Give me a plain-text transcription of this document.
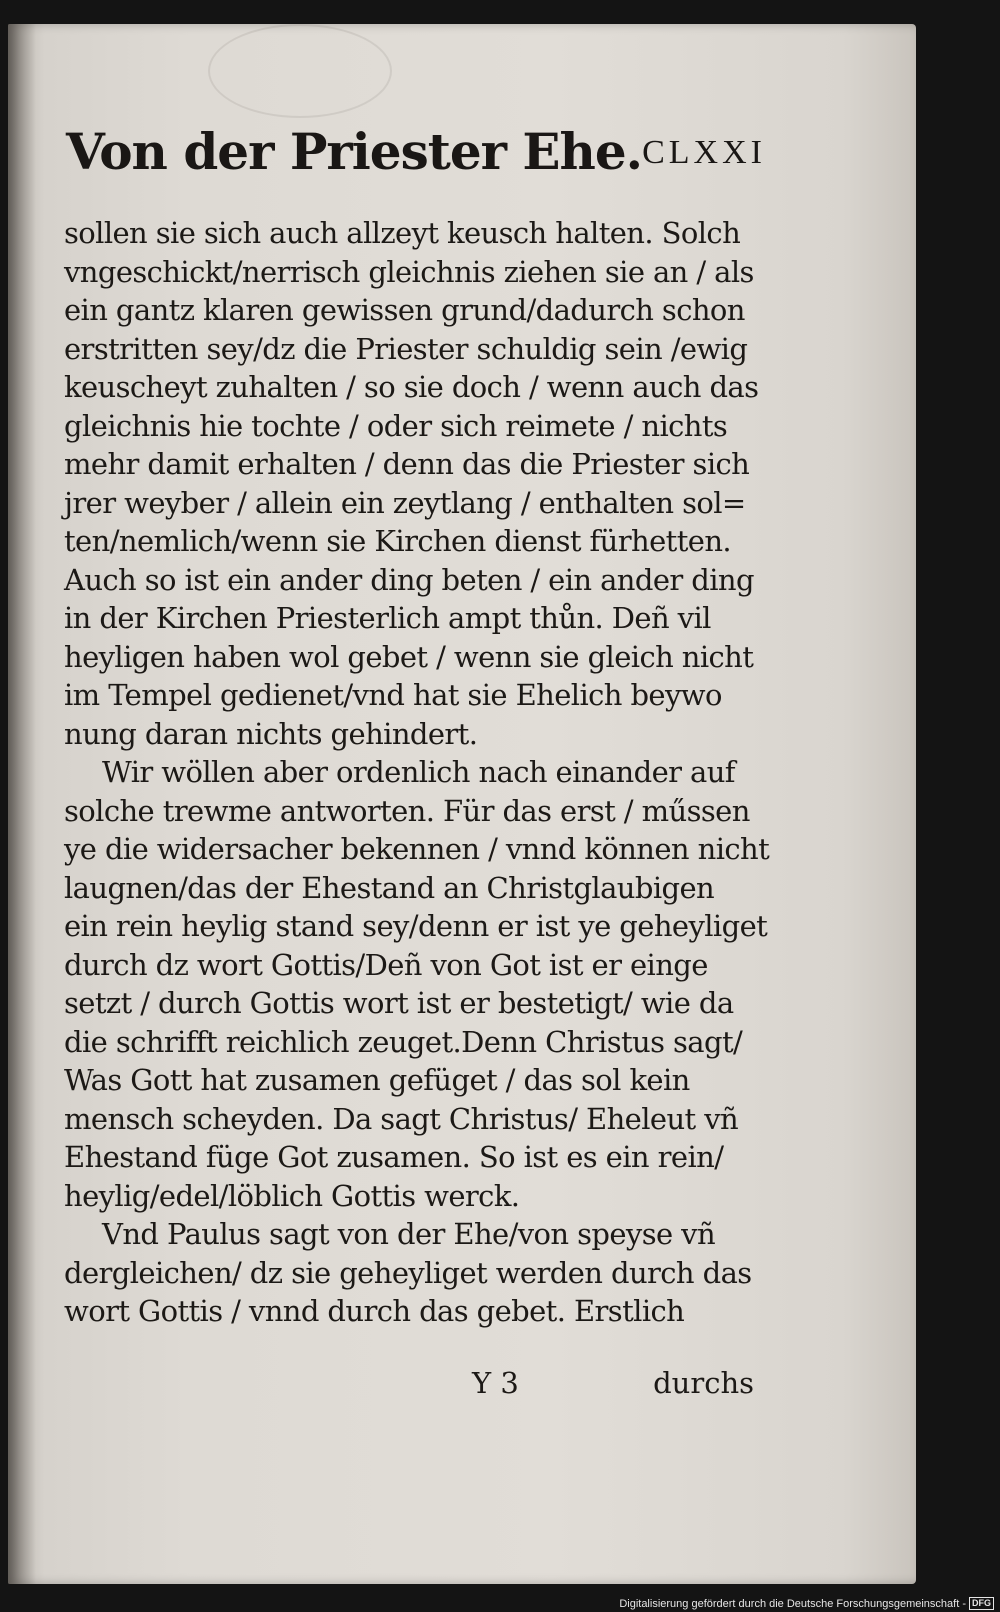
Von der Priester Ehe. CLXXI
sollen sie sich auch allzeyt keusch halten. Solch
vngeschickt/nerrisch gleichnis ziehen sie an / als
ein gantz klaren gewissen grund/dadurch schon
erstritten sey/dz die Priester schuldig sein /ewig
keuscheyt zuhalten / so sie doch / wenn auch das
gleichnis hie tochte / oder sich reimete / nichts
mehr damit erhalten / denn das die Priester sich
jrer weyber / allein ein zeytlang / enthalten sol=
ten/nemlich/wenn sie Kirchen dienst fürhetten.
Auch so ist ein ander ding beten / ein ander ding
in der Kirchen Priesterlich ampt thůn. Deñ vil
heyligen haben wol gebet / wenn sie gleich nicht
im Tempel gedienet/vnd hat sie Ehelich beywo
nung daran nichts gehindert.
Wir wöllen aber ordenlich nach einander auf
solche trewme antworten. Für das erst / műssen
ye die widersacher bekennen / vnnd können nicht
laugnen/das der Ehestand an Christglaubigen
ein rein heylig stand sey/denn er ist ye geheyliget
durch dz wort Gottis/Deñ von Got ist er einge
setzt / durch Gottis wort ist er bestetigt/ wie da
die schrifft reichlich zeuget.Denn Christus sagt/
Was Gott hat zusamen gefüget / das sol kein
mensch scheyden. Da sagt Christus/ Eheleut vñ
Ehestand füge Got zusamen. So ist es ein rein/
heylig/edel/löblich Gottis werck.
Vnd Paulus sagt von der Ehe/von speyse vñ
dergleichen/ dz sie geheyliget werden durch das
wort Gottis / vnnd durch das gebet. Erstlich
Y 3	durchs
Digitalisierung gefördert durch die Deutsche Forschungsgemeinschaft - DFG
